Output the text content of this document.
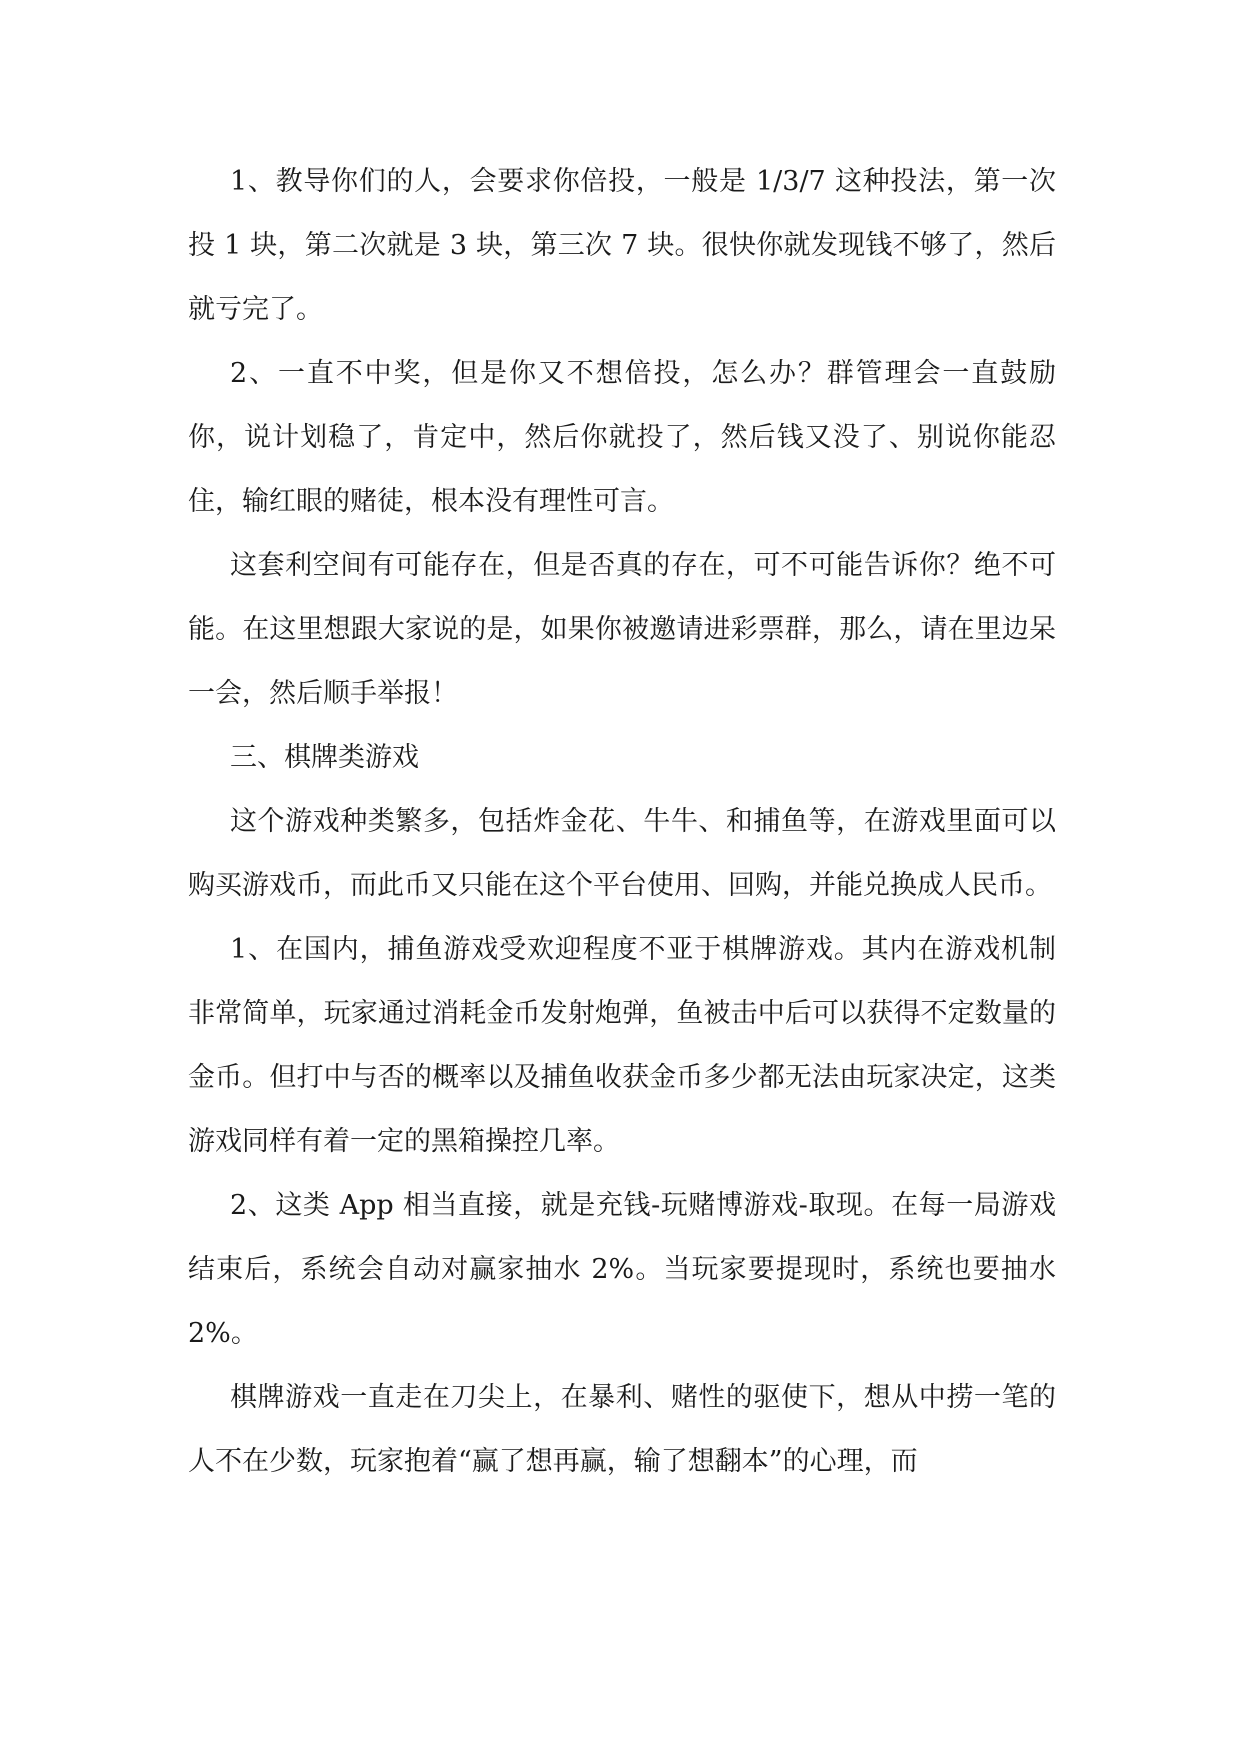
1、教导你们的人，会要求你倍投，一般是 1/3/7 这种投法，第一次投 1 块，第二次就是 3 块，第三次 7 块。很快你就发现钱不够了，然后就亏完了。

2、一直不中奖，但是你又不想倍投，怎么办？群管理会一直鼓励你，说计划稳了，肯定中，然后你就投了，然后钱又没了、别说你能忍住，输红眼的赌徒，根本没有理性可言。

这套利空间有可能存在，但是否真的存在，可不可能告诉你？绝不可能。在这里想跟大家说的是，如果你被邀请进彩票群，那么，请在里边呆一会，然后顺手举报！

三、棋牌类游戏

这个游戏种类繁多，包括炸金花、牛牛、和捕鱼等，在游戏里面可以购买游戏币，而此币又只能在这个平台使用、回购，并能兑换成人民币。

1、在国内，捕鱼游戏受欢迎程度不亚于棋牌游戏。其内在游戏机制非常简单，玩家通过消耗金币发射炮弹，鱼被击中后可以获得不定数量的金币。但打中与否的概率以及捕鱼收获金币多少都无法由玩家决定，这类游戏同样有着一定的黑箱操控几率。

2、这类 App 相当直接，就是充钱-玩赌博游戏-取现。在每一局游戏结束后，系统会自动对赢家抽水 2%。当玩家要提现时，系统也要抽水 2%。

棋牌游戏一直走在刀尖上，在暴利、赌性的驱使下，想从中捞一笔的人不在少数，玩家抱着“赢了想再赢，输了想翻本”的心理，而
